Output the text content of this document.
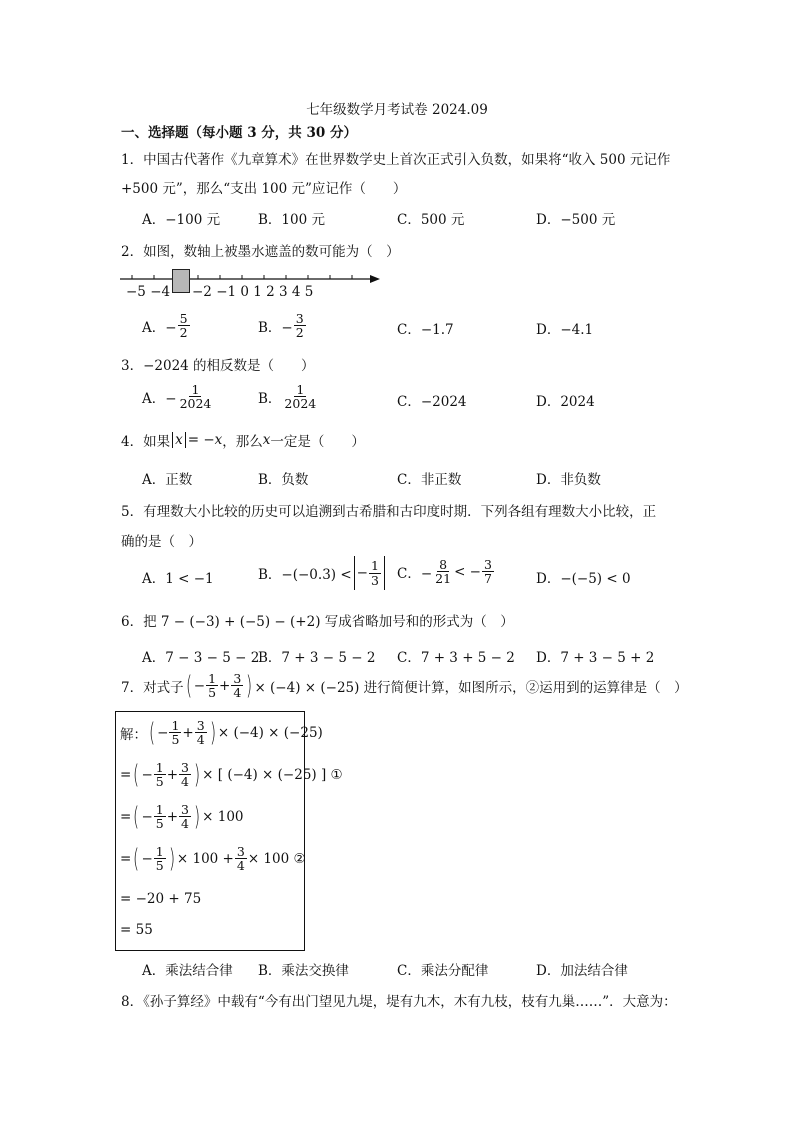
七年级数学月考试卷 2024.09
一、选择题（每小题 3 分，共 30 分）
1．中国古代著作《九章算术》在世界数学史上首次正式引入负数，如果将“收入 500 元记作
+500 元”，那么“支出 100 元”应记作（　　）
A．−100 元	B．100 元	C．500 元	D．−500 元
2．如图，数轴上被墨水遮盖的数可能为（　）
−5 −4 −2 −1 0 1 2 3 4 5
A．− $\frac{5}{2}$	B．− $\frac{3}{2}$	C．−1.7	D．−4.1
3．−2024 的相反数是（　　）
A．− $\frac{1}{2024}$	B． $\frac{1}{2024}$	C．−2024	D．2024
4．如果 x = − x ，那么 x 一定是（　　）
A．正数	B．负数	C．非正数	D．非负数
5．有理数大小比较的历史可以追溯到古希腊和古印度时期．下列各组有理数大小比较，正
确的是（　）
A．1 < −1	B．−(−0.3) < − $\frac{1}{3}$ C．− $\frac{8}{21}$ < − $\frac{3}{7}$	D．−(−5) < 0
6．把 7 − (−3) + (−5) − (+2) 写成省略加号和的形式为（　）
A．7 − 3 − 5 − 2
B．7 + 3 − 5 − 2 C．7 + 3 + 5 − 2 D．7 + 3 − 5 + 2
7．对式子 ( − $\frac{1}{5} + \frac{3}{4}$ ) × (−4) × (−25) 进行简便计算，如图所示，②运用到的运算律是（　）
解： ( − $\frac{1}{5} + \frac{3}{4}$ ) × (−4) × (−25)
= ( − $\frac{1}{5} + \frac{3}{4}$ ) × [ (−4) × (−25) ] ①
= ( − $\frac{1}{5} + \frac{3}{4}$ ) × 100
= ( − $\frac{1}{5}$ ) × $100 + \frac{3}{4} \times 100$ ②
= −20 + 75
= 55
A．乘法结合律 B．乘法交换律	C．乘法分配律	D．加法结合律
8．《孙子算经》中载有“今有出门望见九堤，堤有九木，木有九枝，枝有九巢……”．大意为：
